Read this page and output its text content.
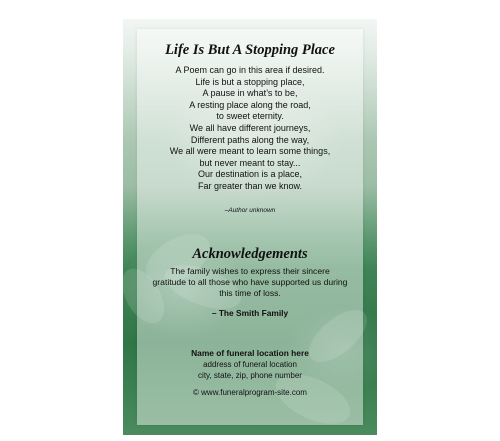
Life Is But A Stopping Place
A Poem can go in this area if desired.
Life is but a stopping place,
A pause in what’s to be,
A resting place along the road,
to sweet eternity.
We all have different journeys,
Different paths along the way,
We all were meant to learn some things,
but never meant to stay...
Our destination is a place,
Far greater than we know.
–Author unknown
Acknowledgements
The family wishes to express their sincere
gratitude to all those who have supported us during
this time of loss.
– The Smith Family
Name of funeral location here
address of funeral location
city, state, zip, phone number
© www.funeralprogram-site.com
